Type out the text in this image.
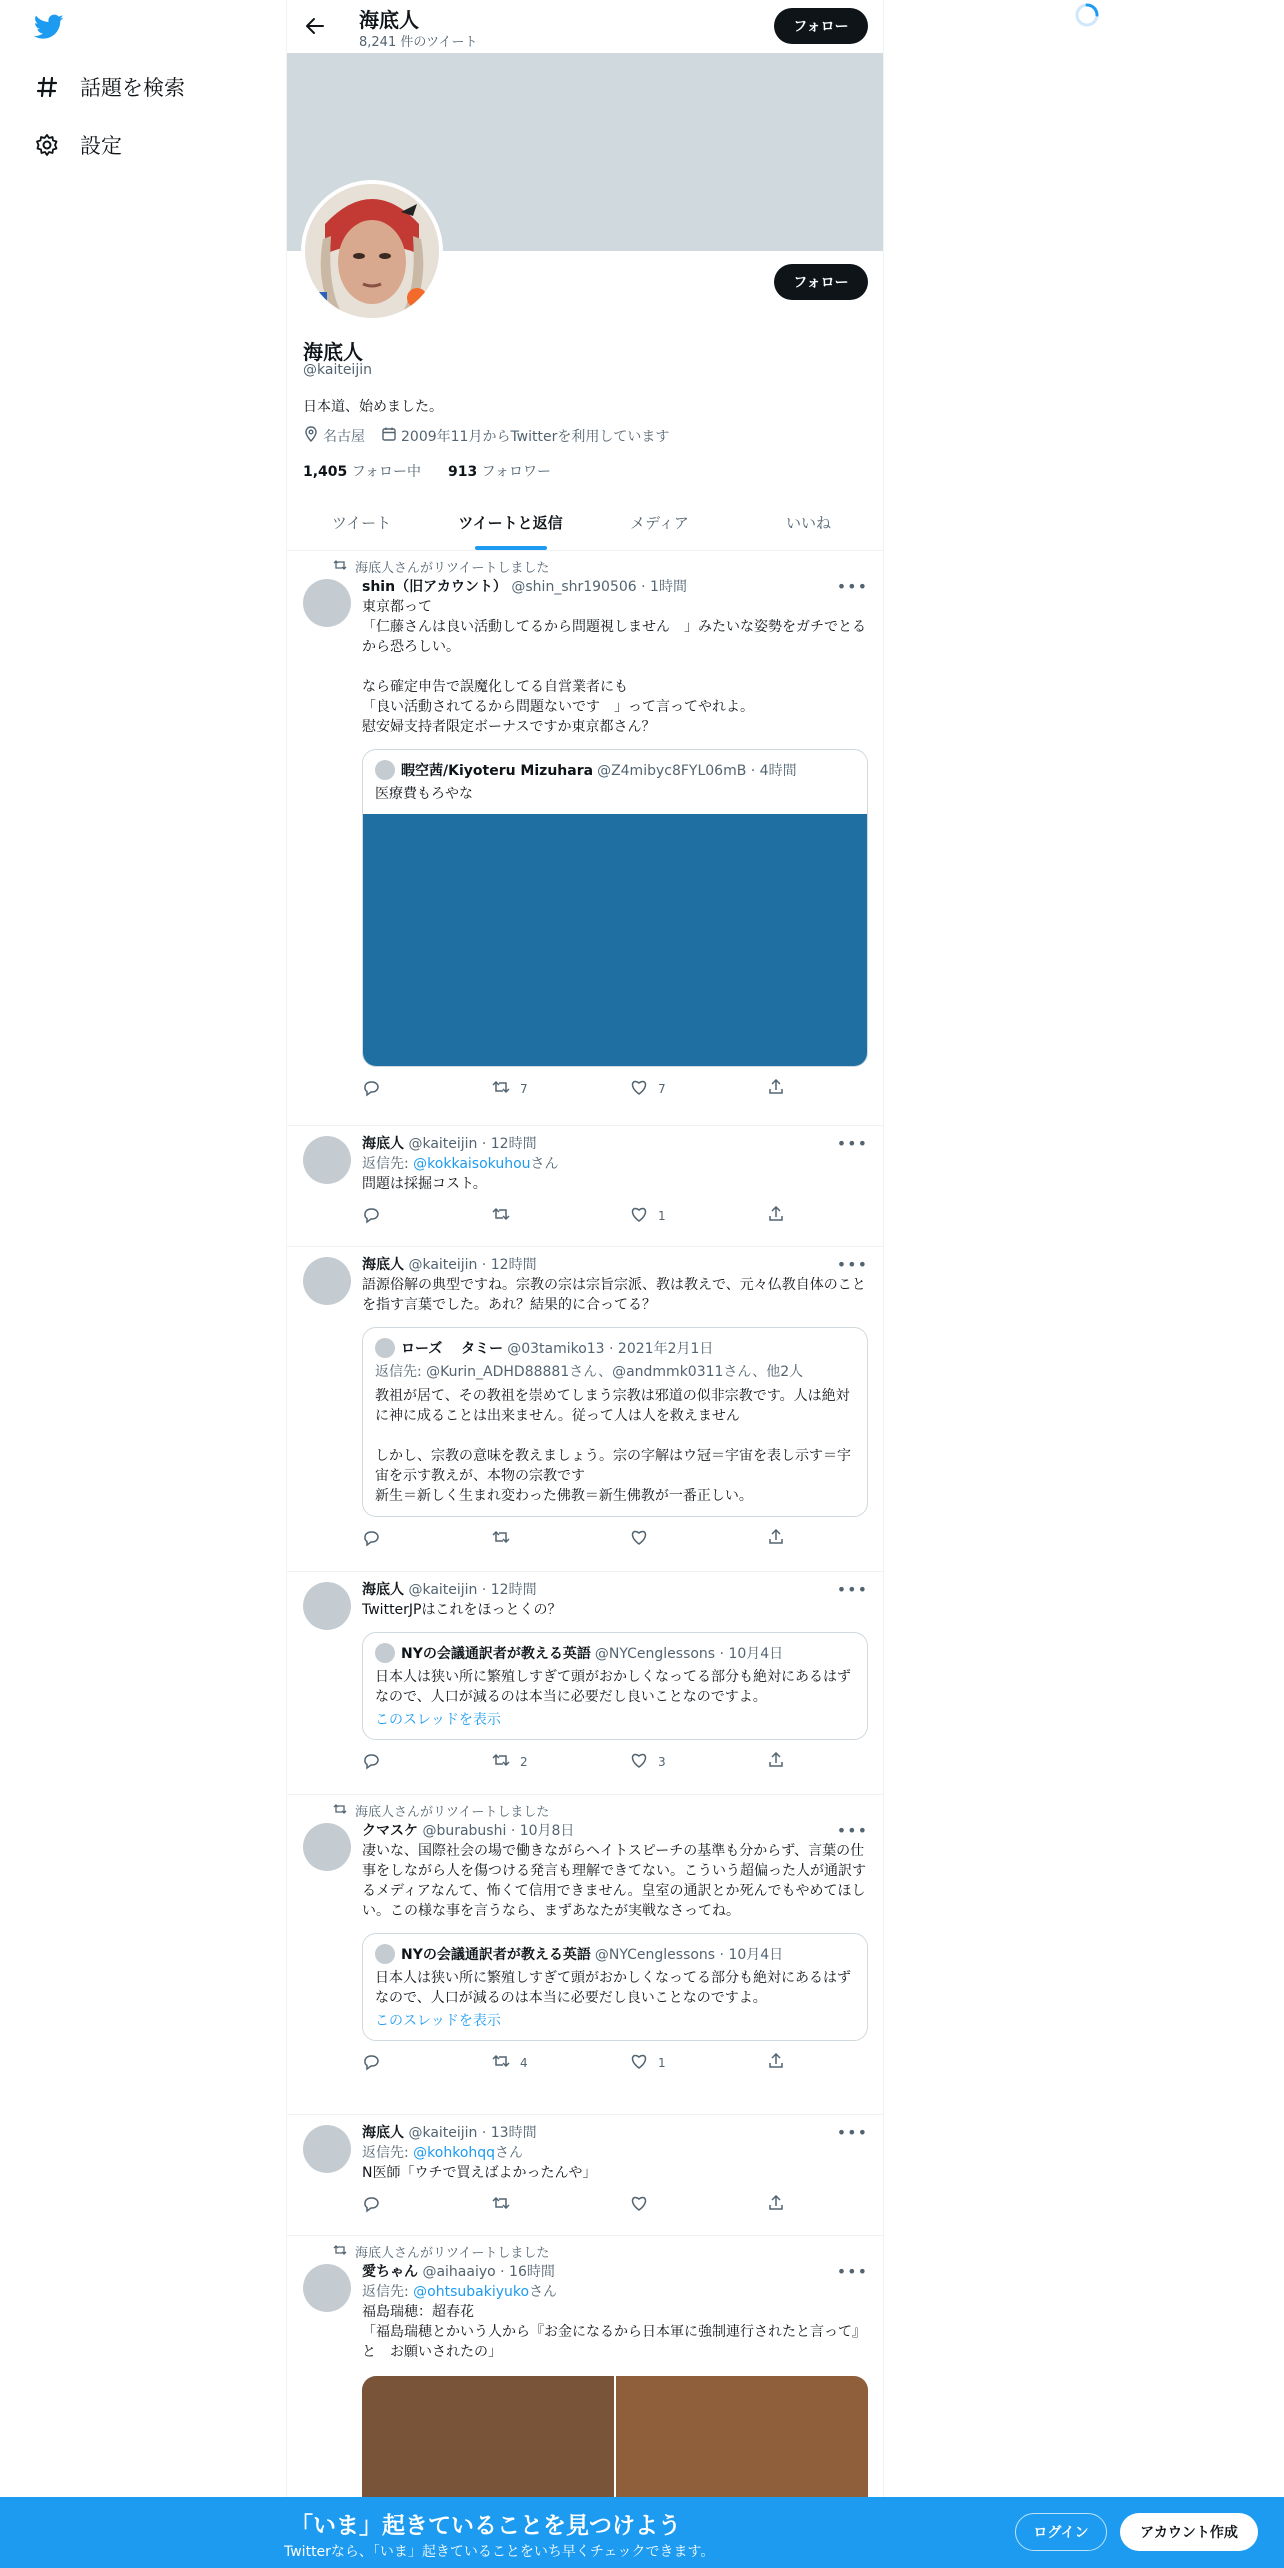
話題を検索
設定
海底人
8,241 件のツイート
フォロー
フォロー
海底人
@kaiteijin
日本道、始めました。
名古屋	2009年11月からTwitterを利用しています
1,405 フォロー中 913 フォロワー
ツイート	ツイートと返信	メディア	いいね
海底人さんがリツイートしました
shin（旧アカウント） @shin_shr190506 · 1時間	•••
東京都って
「仁藤さんは良い活動してるから問題視しません　」みたいな姿勢をガチでとるから恐ろしい。

なら確定申告で誤魔化してる自営業者にも
「良い活動されてるから問題ないです　」って言ってやれよ。
慰安婦支持者限定ボーナスですか東京都さん？
暇空茜/Kiyoteru Mizuhara @Z4mibyc8FYL06mB · 4時間
医療費もろやな
7	7
海底人 @kaiteijin · 12時間	•••
返信先: @kokkaisokuhouさん
問題は採掘コスト。
1
海底人 @kaiteijin · 12時間	•••
語源俗解の典型ですね。宗教の宗は宗旨宗派、教は教えで、元々仏教自体のことを指す言葉でした。あれ？結果的に合ってる？
ローズ　 タミー @03tamiko13 · 2021年2月1日
返信先: @Kurin_ADHD88881さん、@andmmk0311さん、他2人
教祖が居て、その教祖を崇めてしまう宗教は邪道の似非宗教です。人は絶対に神に成ることは出来ません。従って人は人を救えません

しかし、宗教の意味を教えましょう。宗の字解はウ冠＝宇宙を表し示す＝宇宙を示す教えが、本物の宗教です
新生＝新しく生まれ変わった佛教＝新生佛教が一番正しい。
海底人 @kaiteijin · 12時間	•••
TwitterJPはこれをほっとくの？
NYの会議通訳者が教える英語 @NYCenglessons · 10月4日
日本人は狭い所に繁殖しすぎて頭がおかしくなってる部分も絶対にあるはずなので、人口が減るのは本当に必要だし良いことなのですよ。
このスレッドを表示
2	3
海底人さんがリツイートしました
クマスケ @burabushi · 10月8日	•••
凄いな、国際社会の場で働きながらヘイトスピーチの基準も分からず、言葉の仕事をしながら人を傷つける発言も理解できてない。こういう超偏った人が通訳するメディアなんて、怖くて信用できません。皇室の通訳とか死んでもやめてほしい。この様な事を言うなら、まずあなたが実戦なさってね。
NYの会議通訳者が教える英語 @NYCenglessons · 10月4日
日本人は狭い所に繁殖しすぎて頭がおかしくなってる部分も絶対にあるはずなので、人口が減るのは本当に必要だし良いことなのですよ。
このスレッドを表示
4	1
海底人 @kaiteijin · 13時間	•••
返信先: @kohkohqqさん
N医師「ウチで買えばよかったんや」
海底人さんがリツイートしました
愛ちゃん @aihaaiyo · 16時間	•••
返信先: @ohtsubakiyukoさん
福島瑞穂：超春花
「福島瑞穂とかいう人から『お金になるから日本軍に強制連行されたと言って』　と　お願いされたの」
「いま」起きていることを見つけよう
Twitterなら、「いま」起きていることをいち早くチェックできます。
ログイン	アカウント作成
